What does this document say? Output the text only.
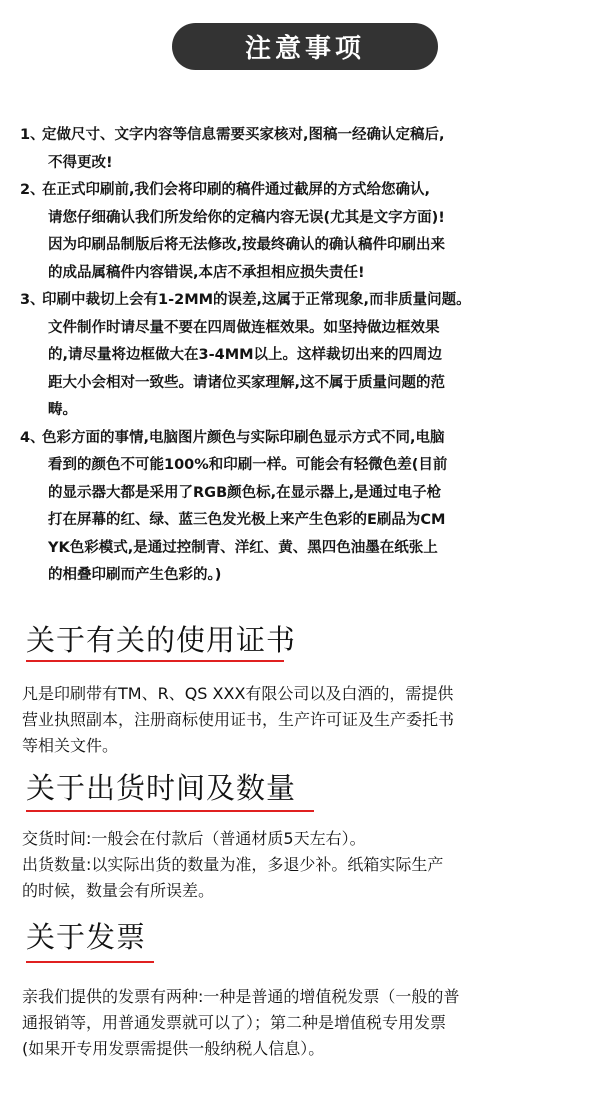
注意事项
1、定做尺寸、文字内容等信息需要买家核对,图稿一经确认定稿后,
不得更改!
2、在正式印刷前,我们会将印刷的稿件通过截屏的方式给您确认,
请您仔细确认我们所发给你的定稿内容无误(尤其是文字方面)!
因为印刷品制版后将无法修改,按最终确认的确认稿件印刷出来
的成品属稿件内容错误,本店不承担相应损失责任!
3、印刷中裁切上会有1-2MM的误差,这属于正常现象,而非质量问题。
文件制作时请尽量不要在四周做连框效果。如坚持做边框效果
的,请尽量将边框做大在3-4MM以上。这样裁切出来的四周边
距大小会相对一致些。请诸位买家理解,这不属于质量问题的范
畴。
4、色彩方面的事情,电脑图片颜色与实际印刷色显示方式不同,电脑
看到的颜色不可能100%和印刷一样。可能会有轻微色差(目前
的显示器大都是采用了RGB颜色标,在显示器上,是通过电子枪
打在屏幕的红、绿、蓝三色发光极上来产生色彩的E刷品为CM
YK色彩模式,是通过控制青、洋红、黄、黑四色油墨在纸张上
的相叠印刷而产生色彩的。)
关于有关的使用证书
凡是印刷带有TM、R、QS XXX有限公司以及白酒的，需提供
营业执照副本，注册商标使用证书，生产许可证及生产委托书
等相关文件。
关于出货时间及数量
交货时间:一般会在付款后（普通材质5天左右）。
出货数量:以实际出货的数量为准，多退少补。纸箱实际生产
的时候，数量会有所误差。
关于发票
亲我们提供的发票有两种:一种是普通的增值税发票（一般的普
通报销等，用普通发票就可以了）；第二种是增值税专用发票
(如果开专用发票需提供一般纳税人信息）。
